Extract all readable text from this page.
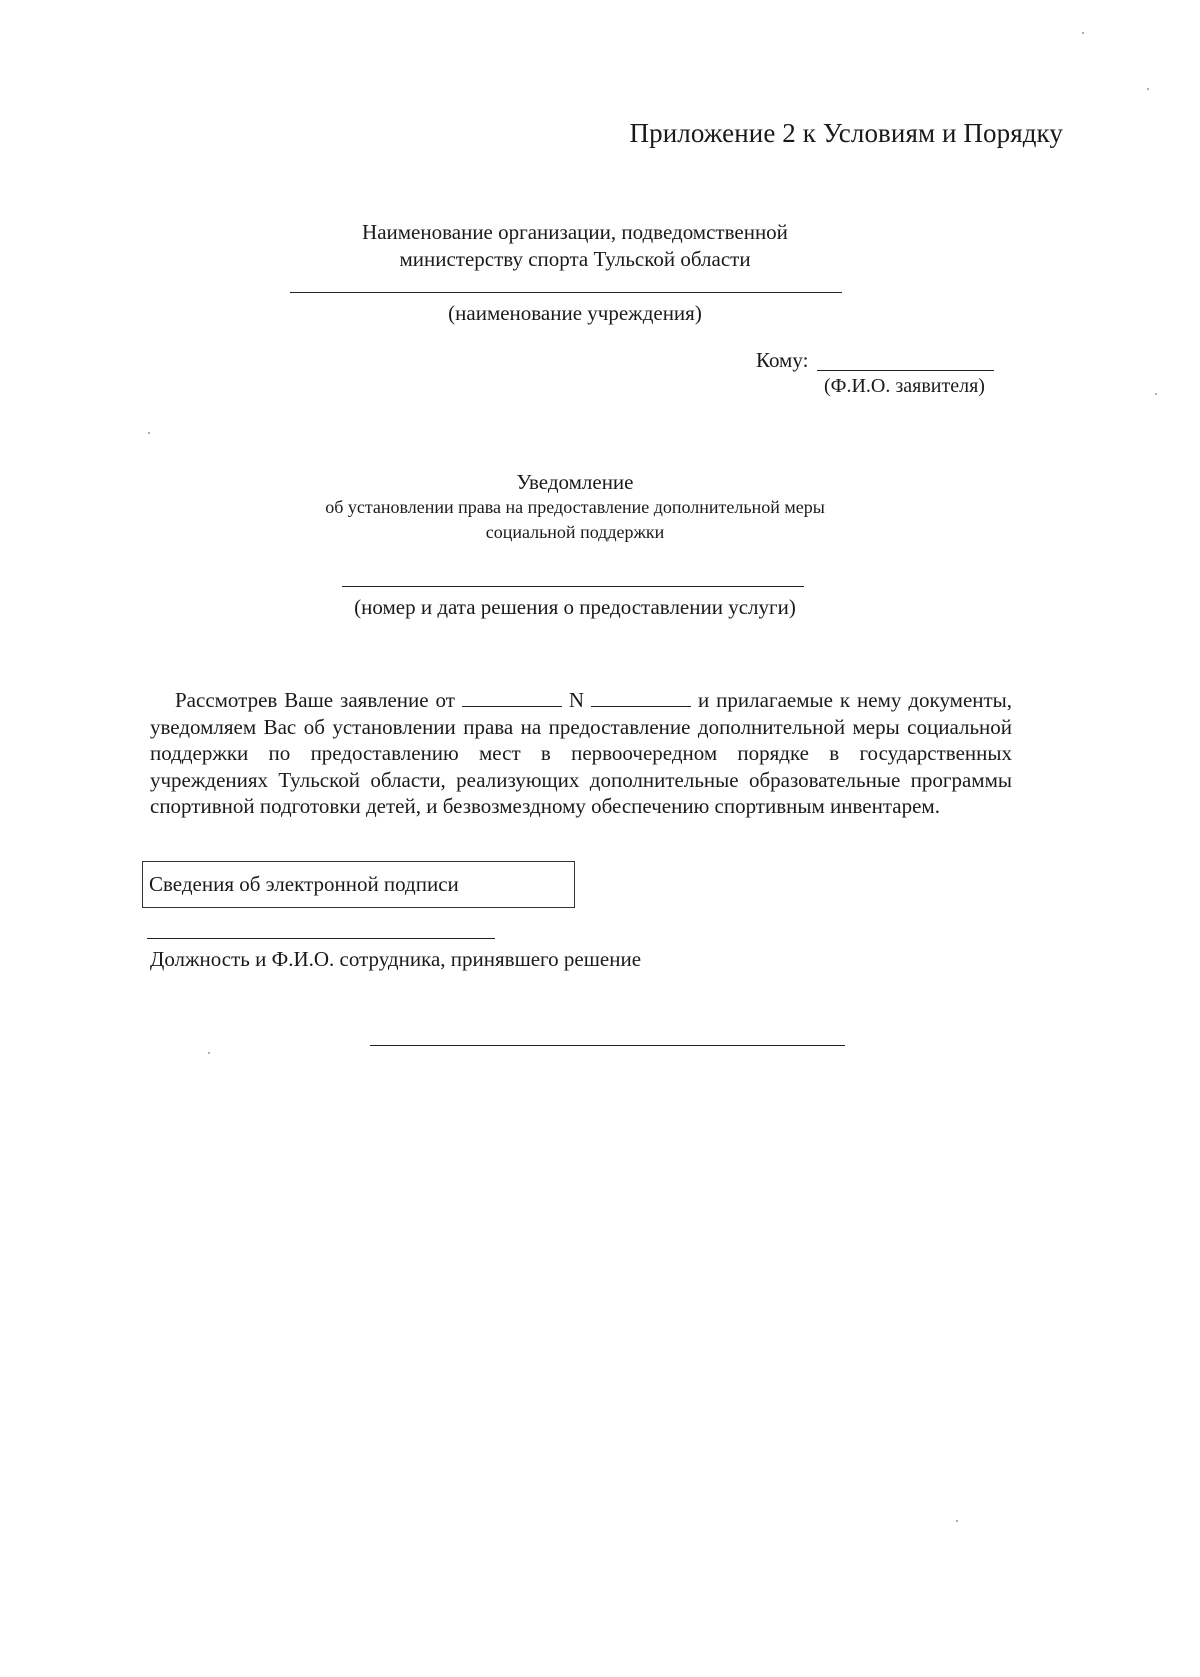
Приложение 2 к Условиям и Порядку
Наименование организации, подведомственной
министерству спорта Тульской области
(наименование учреждения)
Кому:
(Ф.И.О. заявителя)
Уведомление
об установлении права на предоставление дополнительной меры
социальной поддержки
(номер и дата решения о предоставлении услуги)
Рассмотрев Ваше заявление от	N	и прилагаемые к нему документы, уведомляем Вас об установлении права на предоставление дополнительной меры социальной поддержки по предоставлению мест в первоочередном порядке в государственных учреждениях Тульской области, реализующих дополнительные образовательные программы спортивной подготовки детей, и безвозмездному обеспечению спортивным инвентарем.
Сведения об электронной подписи
Должность и Ф.И.О. сотрудника, принявшего решение
